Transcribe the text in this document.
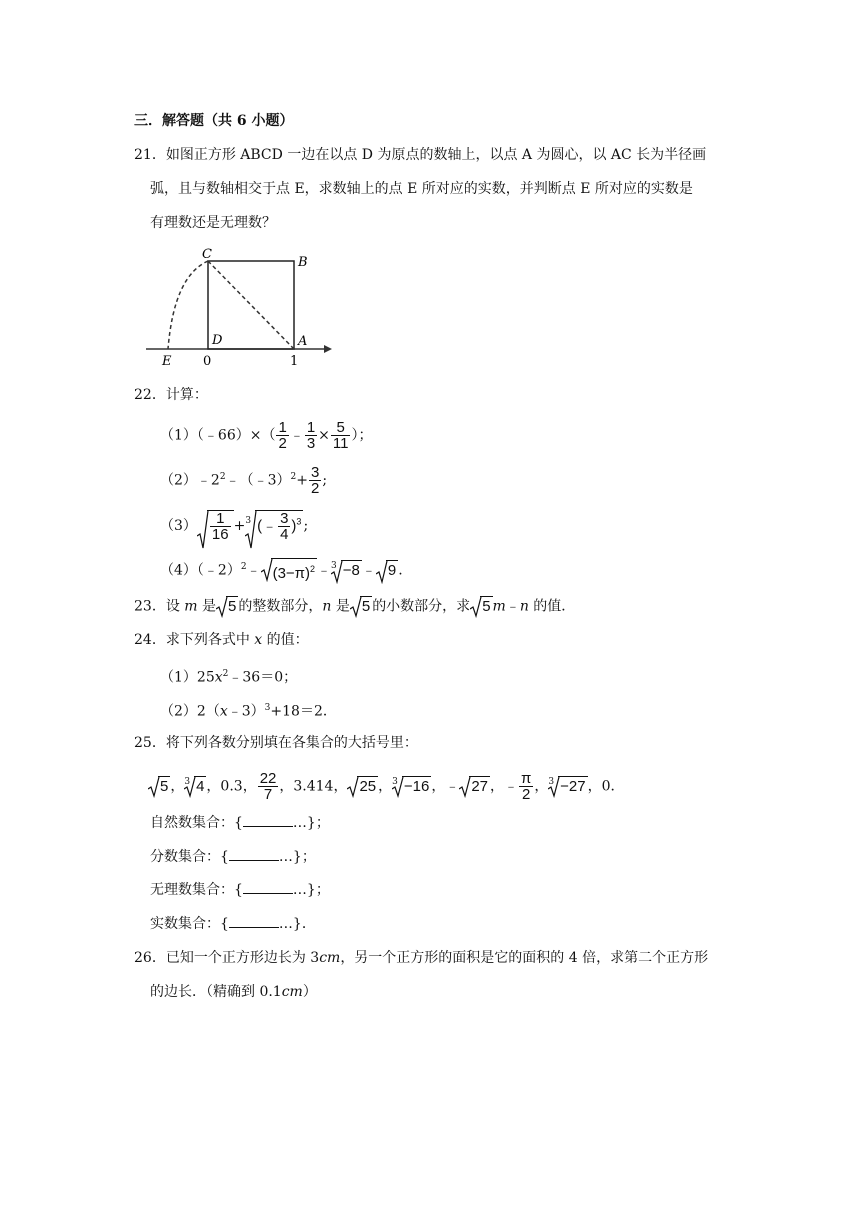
三．解答题（共 6 小题）
21．如图正方形 ABCD 一边在以点 D 为原点的数轴上，以点 A 为圆心，以 AC 长为半径画
弧，且与数轴相交于点 E，求数轴上的点 E 所对应的实数，并判断点 E 所对应的实数是
有理数还是无理数？
C
B
D	A
E 0	1
22．计算：
（1）（﹣66）×（ $\frac{1}{2}$ ﹣ $\frac{1}{3} \times \frac{5}{11}$ ）；
$(2)﹣2^2﹣(﹣3)^2+ \frac{3}{2}$ ;
$(3) \frac{1}{16} +^3$ (﹣ $\frac{3}{4} )^3$ ;
（4）（﹣2）$^2$﹣ $(3-\pi)^2$ ﹣$^3$ −8 ﹣ 9 .
23．设 m 是 5 的整数部分，n 是 5 的小数部分，求 5 m﹣n 的值．
24．求下列各式中 x 的值：
$(1)25x^2﹣36=0$；
（2）2（x﹣3）$^3$+18＝2．
25．将下列各数分别填在各集合的大括号里：
5 ，$^3$ 4 ，0.3， $\frac{22}{7}$ ，3.414， 25 ，$^3$ −16 ，﹣ 27 ，﹣ $\frac{\pi}{2}$ ，$^3$ −27 ，0．
自然数集合：{	…}；
分数集合：{	…}；
无理数集合：{	…}；
实数集合：{	…}．
26．已知一个正方形边长为 3cm，另一个正方形的面积是它的面积的 4 倍，求第二个正方形
的边长．（精确到 0.1cm）
